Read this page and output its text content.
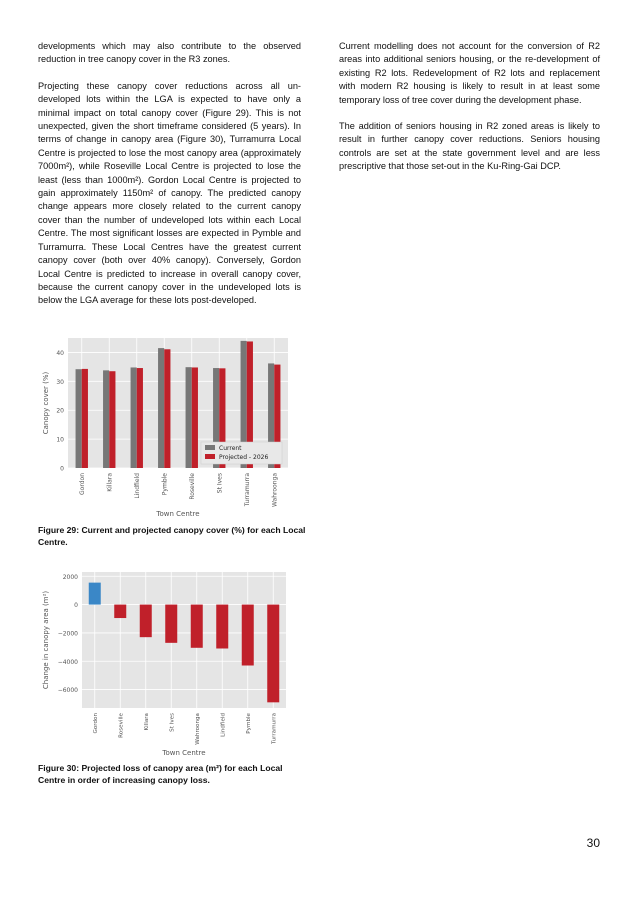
developments which may also contribute to the observed reduction in tree canopy cover in the R3 zones.

Projecting these canopy cover reductions across all un-developed lots within the LGA is expected to have only a minimal impact on total canopy cover (Figure 29). This is not unexpected, given the short timeframe considered (5 years). In terms of change in canopy area (Figure 30), Turramurra Local Centre is projected to lose the most canopy area (approximately 7000m²), while Roseville Local Centre is projected to lose the least (less than 1000m²). Gordon Local Centre is projected to gain approximately 1150m² of canopy. The predicted canopy change appears more closely related to the current canopy cover than the number of undeveloped lots within each Local Centre. The most significant losses are expected in Pymble and Turramurra. These Local Centres have the greatest current canopy cover (both over 40% canopy). Conversely, Gordon Local Centre is predicted to increase in overall canopy cover, because the current canopy cover in the undeveloped lots is below the LGA average for these lots post-developed.

Current modelling does not account for the conversion of R2 areas into additional seniors housing, or the re-development of existing R2 lots. Redevelopment of R2 lots and replacement with modern R2 housing is likely to result in at least some temporary loss of tree cover during the development phase.

The addition of seniors housing in R2 zoned areas is likely to result in further canopy cover reductions. Seniors housing controls are set at the state government level and are less prescriptive that those set-out in the Ku-Ring-Gai DCP.

0
10
20
30
40
Gordon	Killara	Lindfield	Pymble	Roseville	St Ives	Turramurra	Wahroonga
Town Centre
Canopy cover (%)
Current
Projected - 2026
Figure 29: Current and projected canopy cover (%) for each Local Centre.
2000
0
−2000
−4000
−6000
Gordon	Roseville	Killara	St Ives	Wahroonga	Lindfield	Pymble	Turramurra
Town Centre
Change in canopy area (m²)
Figure 30: Projected loss of canopy area (m²) for each Local Centre in order of increasing canopy loss.
30
